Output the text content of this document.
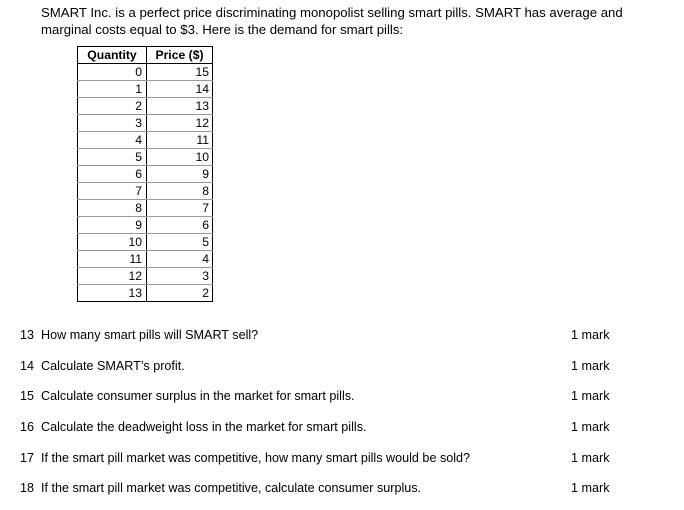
SMART Inc. is a perfect price discriminating monopolist selling smart pills. SMART has average and marginal costs equal to $3. Here is the demand for smart pills:
Quantity	Price ($)
0	15
1	14
2	13
3	12
4	11
5	10
6	9
7	8
8	7
9	6
10	5
11	4
12	3
13	2
13 How many smart pills will SMART sell?	1 mark
14 Calculate SMART’s profit.	1 mark
15 Calculate consumer surplus in the market for smart pills.	1 mark
16 Calculate the deadweight loss in the market for smart pills.	1 mark
17 If the smart pill market was competitive, how many smart pills would be sold?	1 mark
18 If the smart pill market was competitive, calculate consumer surplus.	1 mark
